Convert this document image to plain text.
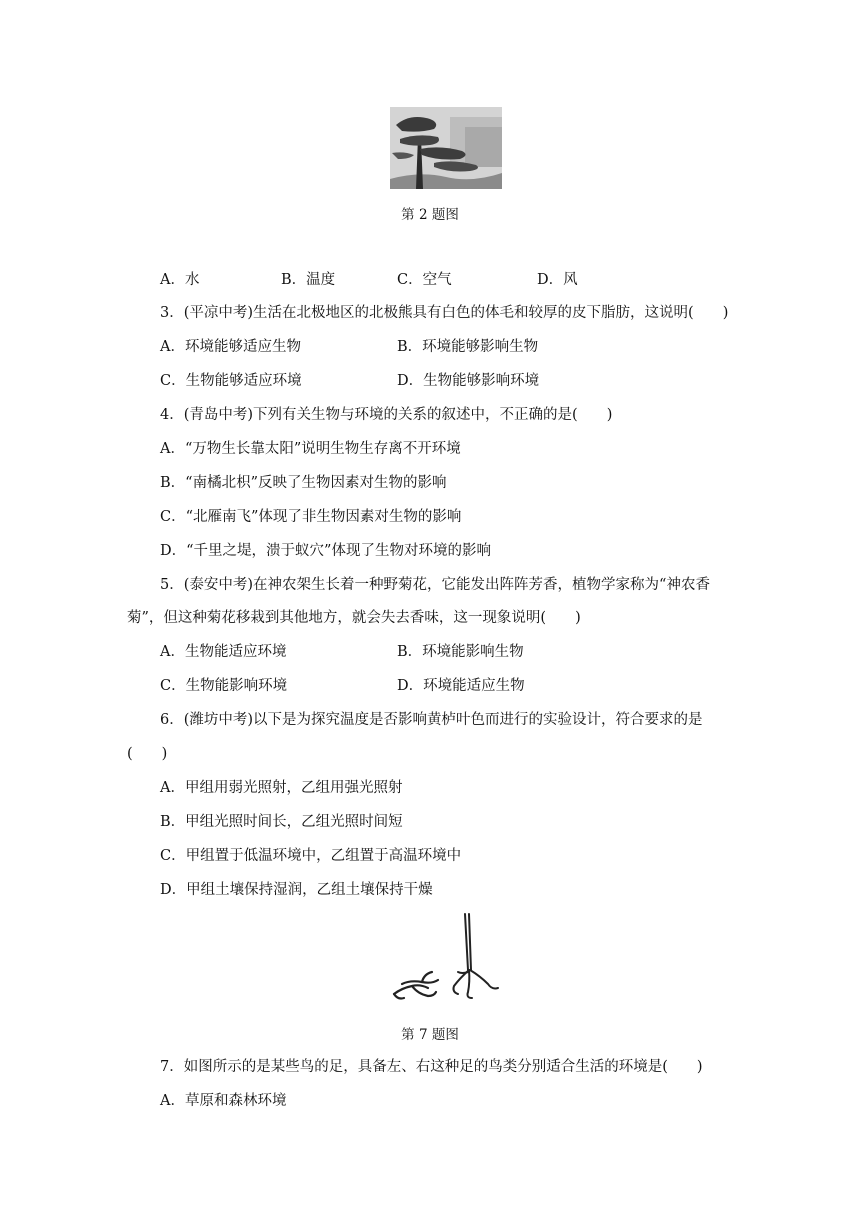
第 2 题图
A．水	B．温度	C．空气	D．风
3．(平凉中考)生活在北极地区的北极熊具有白色的体毛和较厚的皮下脂肪，这说明(　　)
A．环境能够适应生物	B．环境能够影响生物
C．生物能够适应环境	D．生物能够影响环境
4．(青岛中考)下列有关生物与环境的关系的叙述中，不正确的是(　　)
A．“万物生长靠太阳”说明生物生存离不开环境
B．“南橘北枳”反映了生物因素对生物的影响
C．“北雁南飞”体现了非生物因素对生物的影响
D．“千里之堤，溃于蚁穴”体现了生物对环境的影响
5．(泰安中考)在神农架生长着一种野菊花，它能发出阵阵芳香，植物学家称为“神农香
菊”，但这种菊花移栽到其他地方，就会失去香味，这一现象说明(　　)
A．生物能适应环境	B．环境能影响生物
C．生物能影响环境	D．环境能适应生物
6．(潍坊中考)以下是为探究温度是否影响黄栌叶色而进行的实验设计，符合要求的是
(　　)
A．甲组用弱光照射，乙组用强光照射
B．甲组光照时间长，乙组光照时间短
C．甲组置于低温环境中，乙组置于高温环境中
D．甲组土壤保持湿润，乙组土壤保持干燥
第 7 题图
7．如图所示的是某些鸟的足，具备左、右这种足的鸟类分别适合生活的环境是(　　)
A．草原和森林环境
